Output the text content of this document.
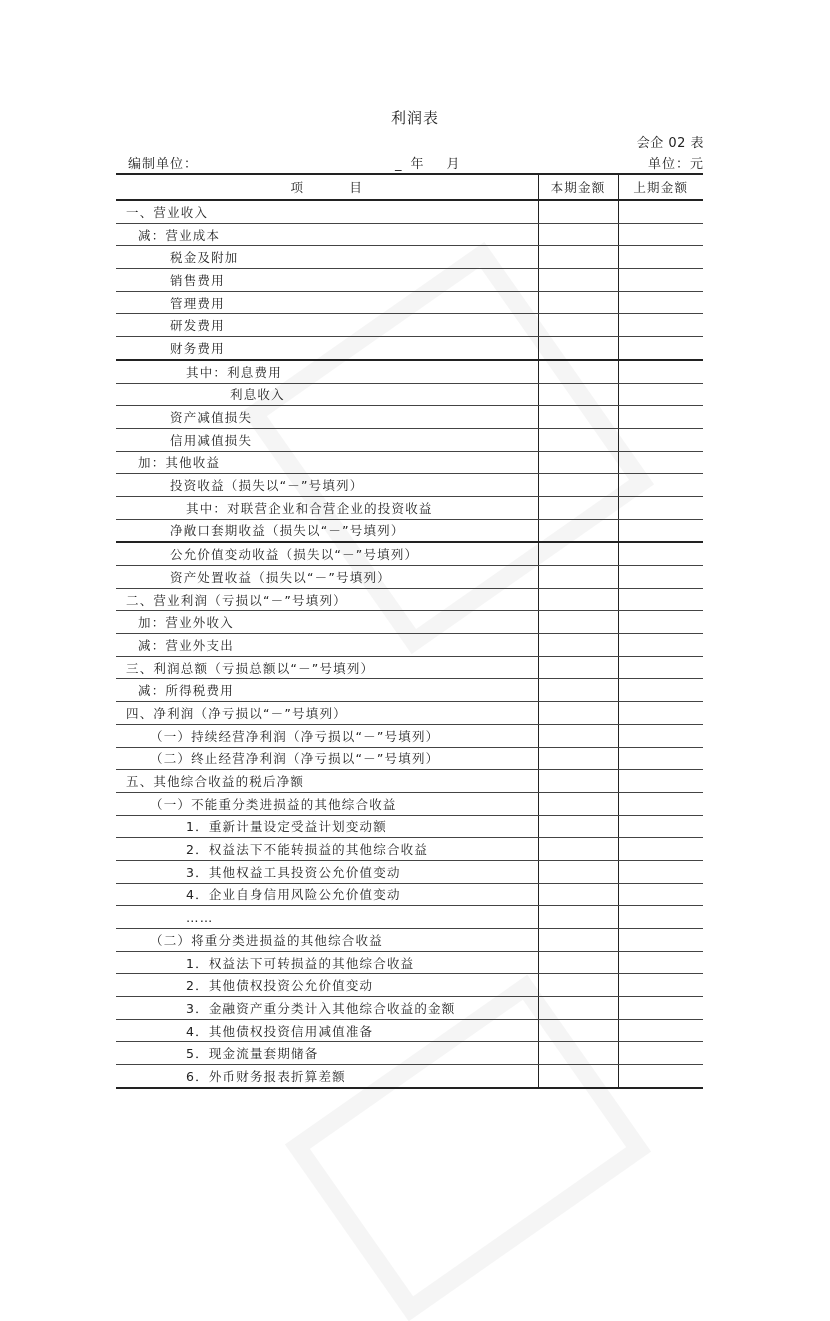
利润表
会企 02 表
编制单位：	_ 年 月	单位：元
项 目	本期金额	上期金额
一、营业收入		
减：营业成本		
税金及附加		
销售费用		
管理费用		
研发费用		
财务费用		
其中：利息费用		
利息收入		
资产减值损失		
信用减值损失		
加：其他收益		
投资收益（损失以“－”号填列）		
其中：对联营企业和合营企业的投资收益		
净敞口套期收益（损失以“－”号填列）		
公允价值变动收益（损失以“－”号填列）		
资产处置收益（损失以“－”号填列）		
二、营业利润（亏损以“－”号填列）		
加：营业外收入		
减：营业外支出		
三、利润总额（亏损总额以“－”号填列）		
减：所得税费用		
四、净利润（净亏损以“－”号填列）		
（一）持续经营净利润（净亏损以“－”号填列）		
（二）终止经营净利润（净亏损以“－”号填列）		
五、其他综合收益的税后净额		
（一）不能重分类进损益的其他综合收益		
1．重新计量设定受益计划变动额		
2．权益法下不能转损益的其他综合收益		
3．其他权益工具投资公允价值变动		
4．企业自身信用风险公允价值变动		
……		
（二）将重分类进损益的其他综合收益		
1．权益法下可转损益的其他综合收益		
2．其他债权投资公允价值变动		
3．金融资产重分类计入其他综合收益的金额		
4．其他债权投资信用减值准备		
5．现金流量套期储备		
6．外币财务报表折算差额		
